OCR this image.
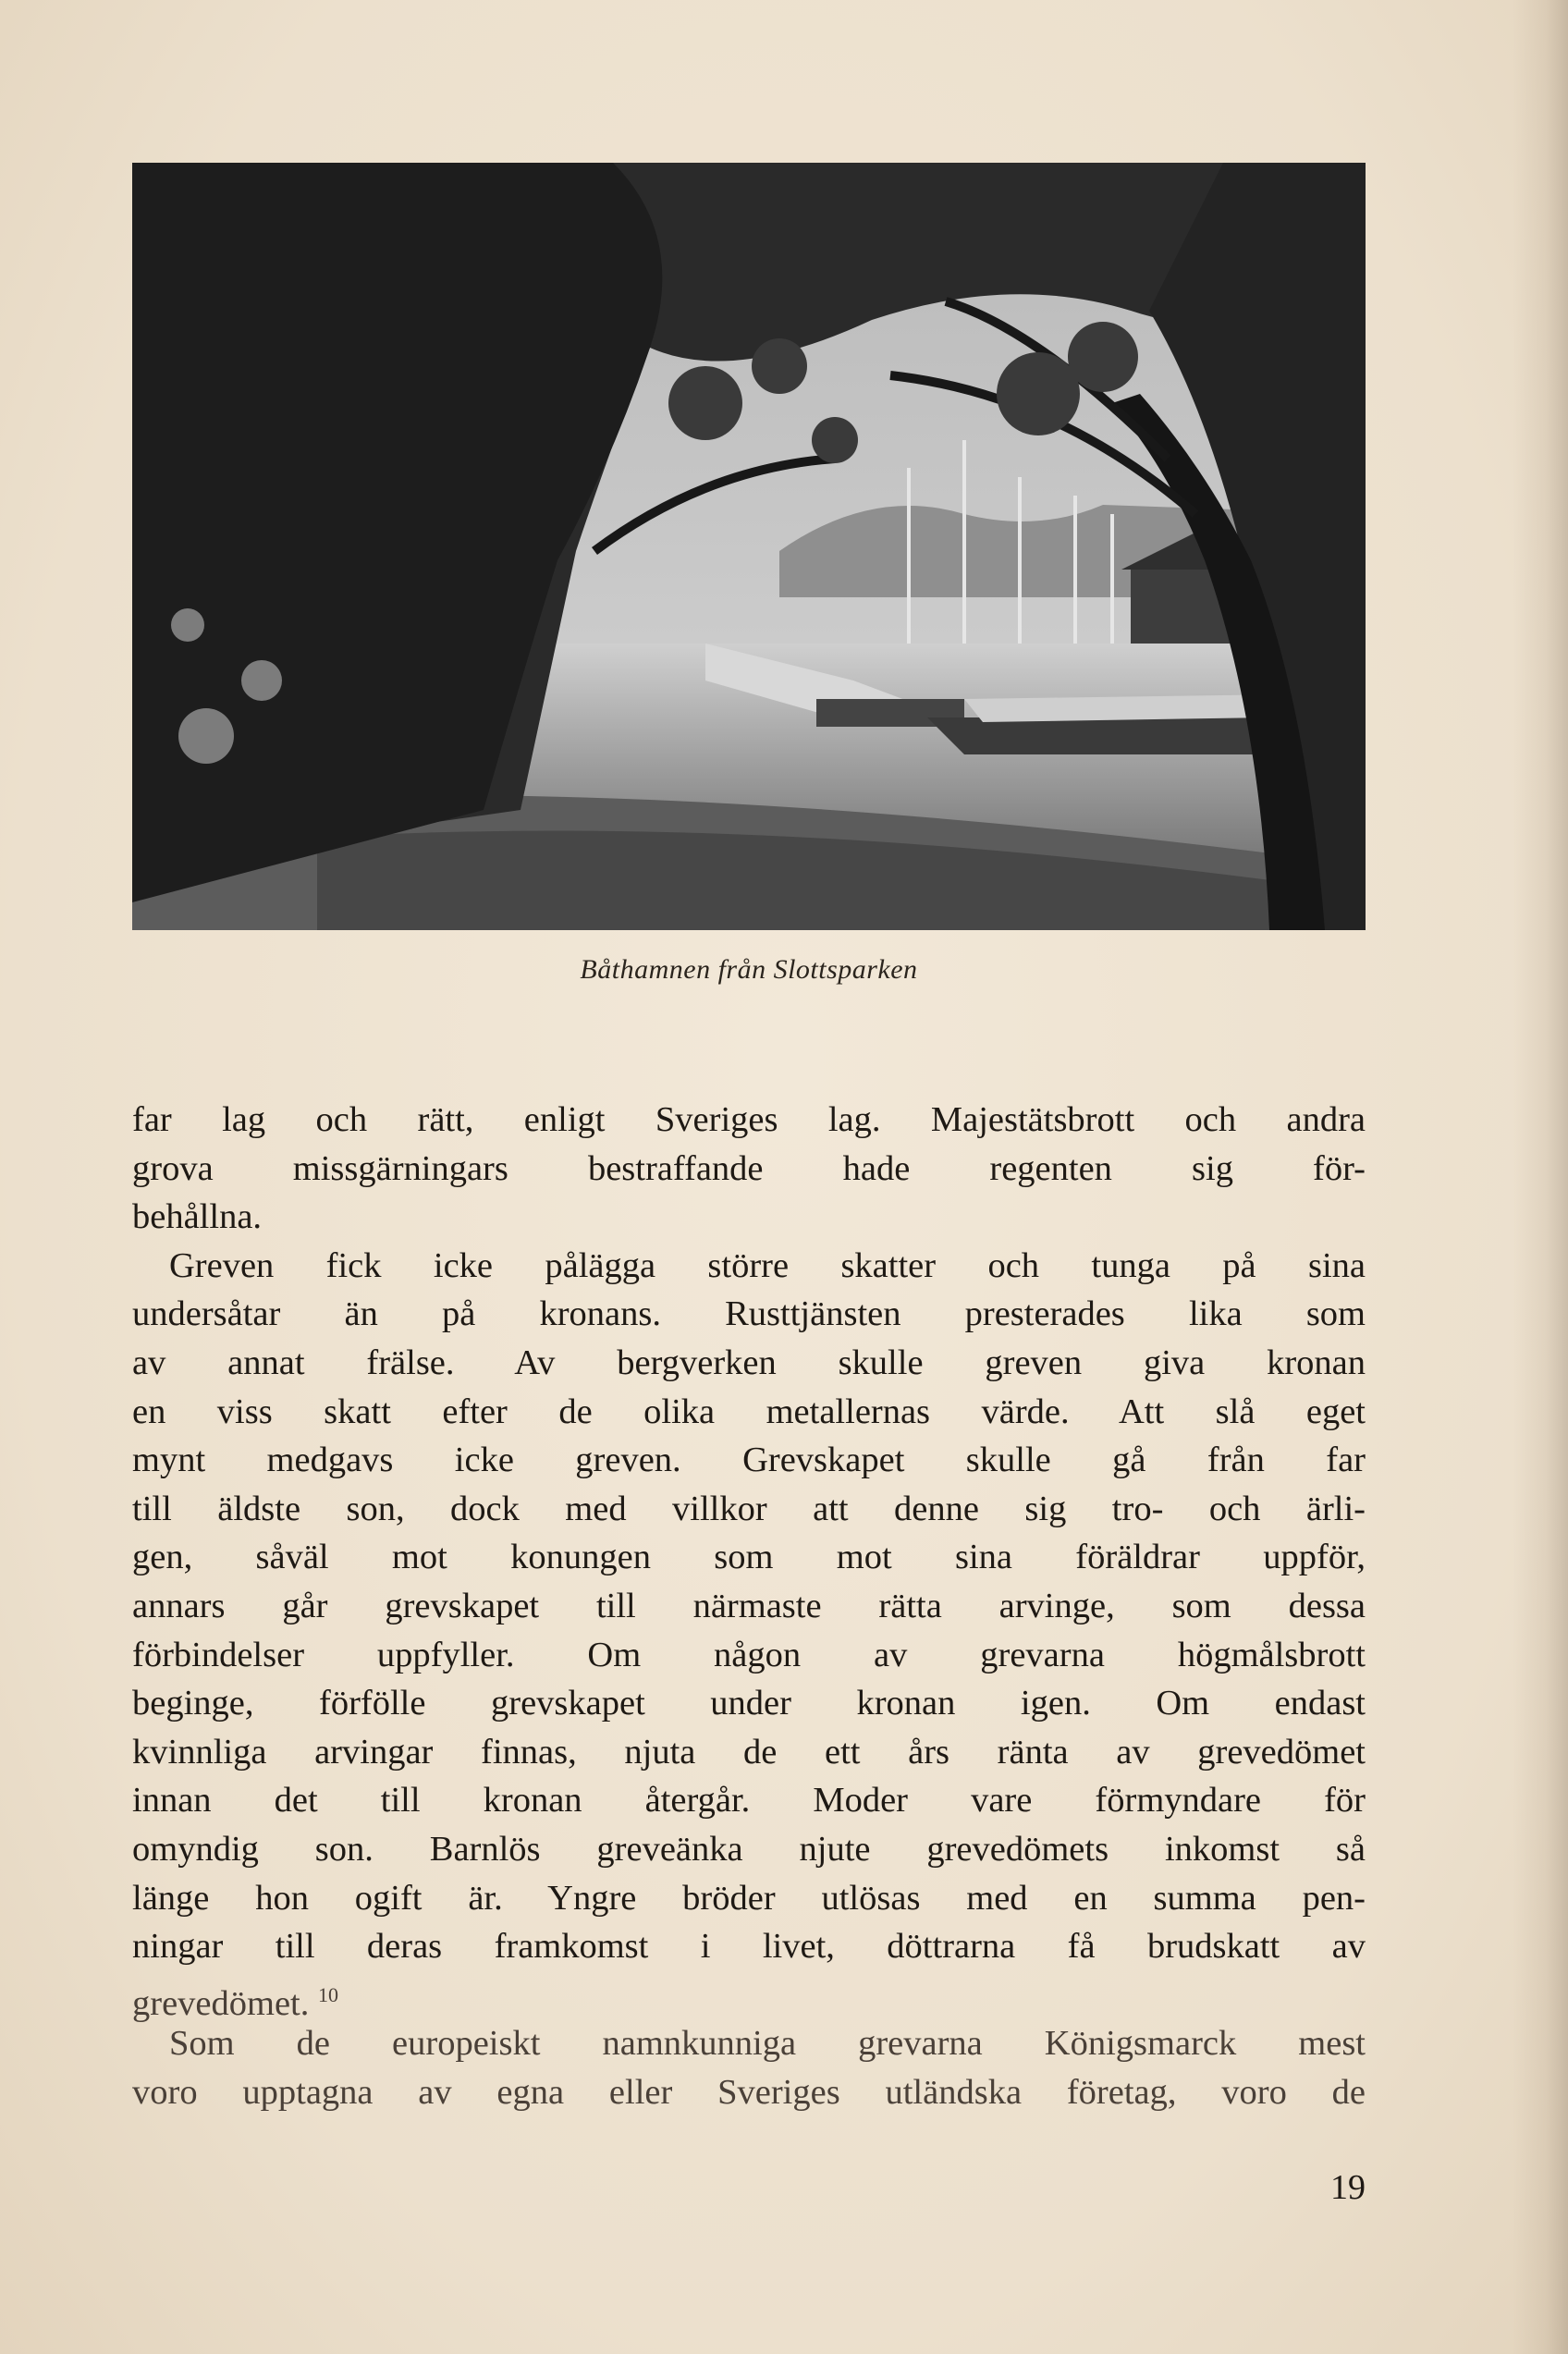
Båthamnen från Slottsparken
far lag och rätt, enligt Sveriges lag. Majestätsbrott och andra
grova missgärningars bestraffande hade regenten sig för-
behållna.
Greven fick icke pålägga större skatter och tunga på sina
undersåtar än på kronans. Rusttjänsten presterades lika som
av annat frälse. Av bergverken skulle greven giva kronan
en viss skatt efter de olika metallernas värde. Att slå eget
mynt medgavs icke greven. Grevskapet skulle gå från far
till äldste son, dock med villkor att denne sig tro- och ärli-
gen, såväl mot konungen som mot sina föräldrar uppför,
annars går grevskapet till närmaste rätta arvinge, som dessa
förbindelser uppfyller. Om någon av grevarna högmålsbrott
beginge, förfölle grevskapet under kronan igen. Om endast
kvinnliga arvingar finnas, njuta de ett års ränta av grevedömet
innan det till kronan återgår. Moder vare förmyndare för
omyndig son. Barnlös greveänka njute grevedömets inkomst så
länge hon ogift är. Yngre bröder utlösas med en summa pen-
ningar till deras framkomst i livet, döttrarna få brudskatt av
grevedömet. $^{10}$
Som de europeiskt namnkunniga grevarna Königsmarck mest
voro upptagna av egna eller Sveriges utländska företag, voro de
19
